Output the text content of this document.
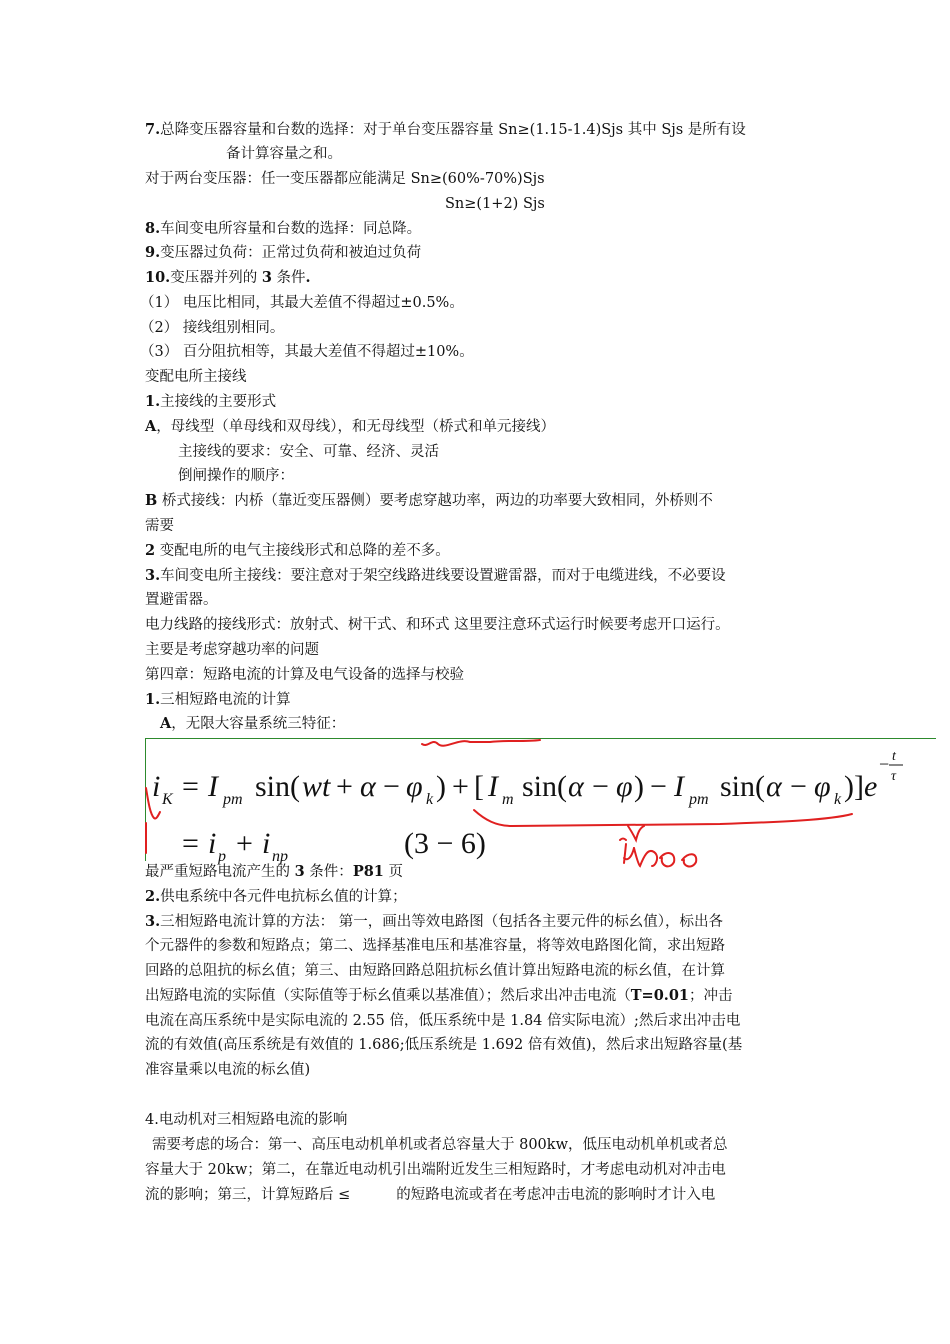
7.总降变压器容量和台数的选择：对于单台变压器容量 Sn≥(1.15-1.4)Sjs 其中 Sjs 是所有设
备计算容量之和。
对于两台变压器：任一变压器都应能满足 Sn≥(60%-70%)Sjs
Sn≥(1+2) Sjs
8.车间变电所容量和台数的选择：同总降。
9.变压器过负荷：正常过负荷和被迫过负荷
10.变压器并列的 3 条件.
（1） 电压比相同，其最大差值不得超过±0.5%。
（2） 接线组别相同。
（3） 百分阻抗相等，其最大差值不得超过±10%。
变配电所主接线
1.主接线的主要形式
A，母线型（单母线和双母线），和无母线型（桥式和单元接线）
主接线的要求：安全、可靠、经济、灵活
倒闸操作的顺序：
B 桥式接线：内桥（靠近变压器侧）要考虑穿越功率，两边的功率要大致相同，外桥则不
需要
2 变配电所的电气主接线形式和总降的差不多。
3.车间变电所主接线：要注意对于架空线路进线要设置避雷器，而对于电缆进线，不必要设
置避雷器。
电力线路的接线形式：放射式、树干式、和环式 这里要注意环式运行时候要考虑开口运行。
主要是考虑穿越功率的问题
第四章：短路电流的计算及电气设备的选择与校验
1.三相短路电流的计算
A，无限大容量系统三特征：
i K = I pm sin( wt + α − φ k ) + [ I m sin( α − φ ) − I pm sin( α − φ k )] e
− t
τ
= i p + i np	(3 − 6)
最严重短路电流产生的 3 条件：P81 页
2.供电系统中各元件电抗标幺值的计算；
3.三相短路电流计算的方法： 第一，画出等效电路图（包括各主要元件的标幺值），标出各
个元器件的参数和短路点；第二、选择基准电压和基准容量，将等效电路图化简，求出短路
回路的总阻抗的标幺值；第三、由短路回路总阻抗标幺值计算出短路电流的标幺值，在计算
出短路电流的实际值（实际值等于标幺值乘以基准值）；然后求出冲击电流（T=0.01；冲击
电流在高压系统中是实际电流的 2.55 倍，低压系统中是 1.84 倍实际电流）;然后求出冲击电
流的有效值(高压系统是有效值的 1.686;低压系统是 1.692 倍有效值)，然后求出短路容量(基
准容量乘以电流的标幺值)
4.电动机对三相短路电流的影响
需要考虑的场合：第一、高压电动机单机或者总容量大于 800kw，低压电动机单机或者总
容量大于 20kw；第二，在靠近电动机引出端附近发生三相短路时，才考虑电动机对冲击电
流的影响；第三，计算短路后 ≤	的短路电流或者在考虑冲击电流的影响时才计入电
